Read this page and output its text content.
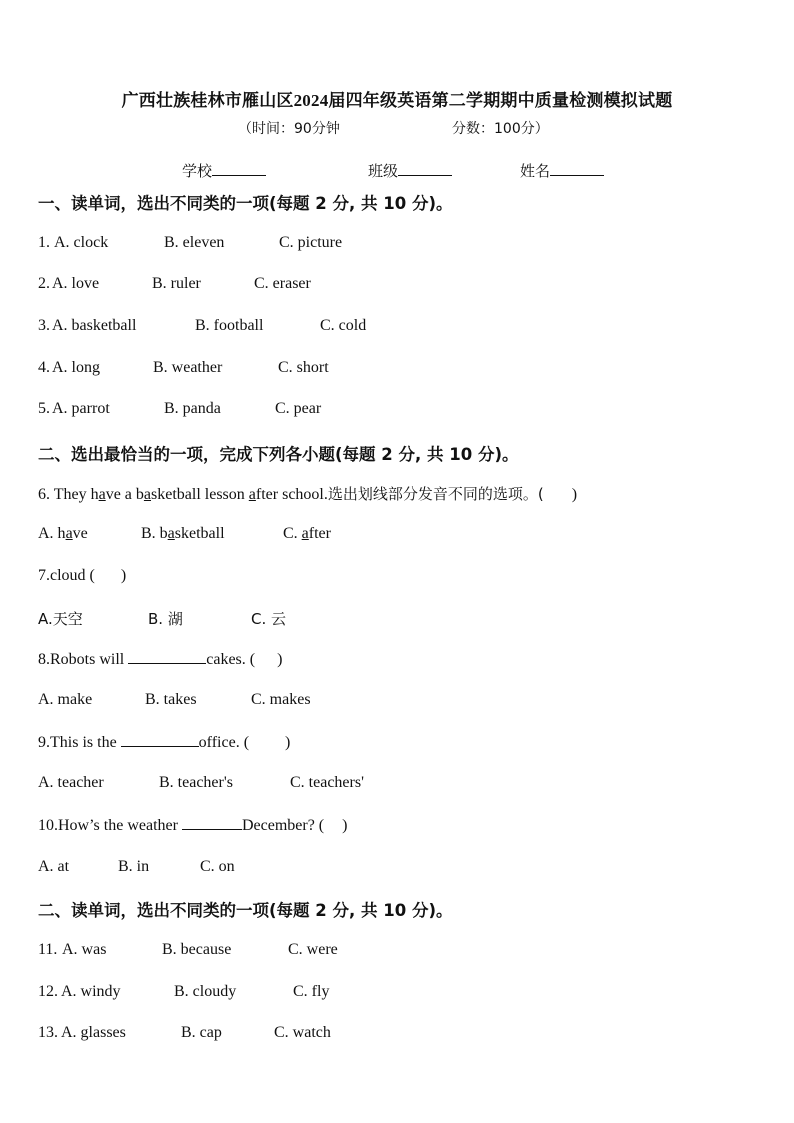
广西壮族桂林市雁山区2024届四年级英语第二学期期中质量检测模拟试题
（时间：90分钟	分数：100分）
学校	班级	姓名
一、读单词，选出不同类的一项(每题 2 分, 共 10 分)。
1. A. clock	B. eleven	C. picture
2. A. love	B. ruler	C. eraser
3. A. basketball	B. football	C. cold
4. A. long	B. weather	C. short
5. A. parrot	B. panda	C. pear
二、选出最恰当的一项，完成下列各小题(每题 2 分, 共 10 分)。
6. They have a basketball lesson after school.选出划线部分发音不同的选项。( )
A. have	B. basketball	C. after
7.cloud ( )
A.天空	B. 湖	C. 云
8.Robots will	cakes. ( )
A. make	B. takes	C. makes
9.This is the	office. ( )
A. teacher	B. teacher's	C. teachers'
10.How’s the weather	December? ( )
A. at	B. in	C. on
二、读单词，选出不同类的一项(每题 2 分, 共 10 分)。
11. A. was	B. because	C. were
12. A. windy	B. cloudy	C. fly
13. A. glasses	B. cap	C. watch
